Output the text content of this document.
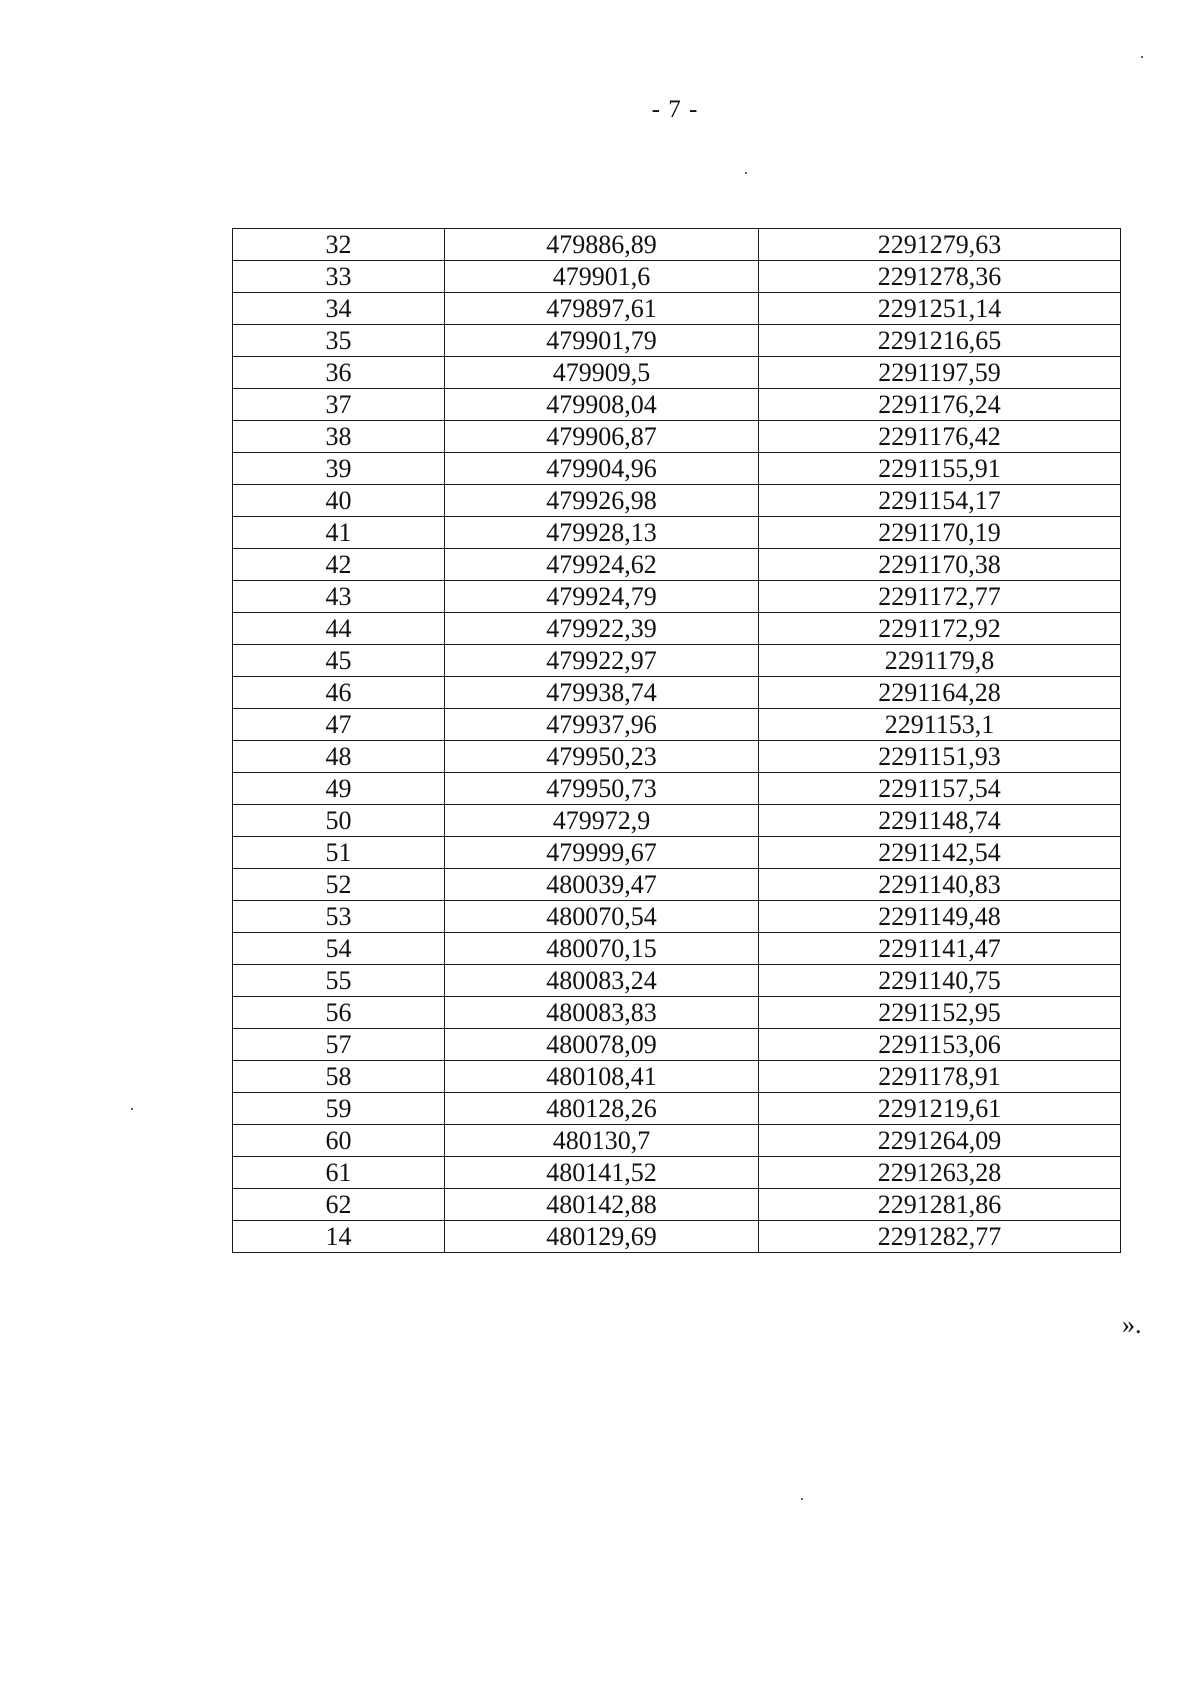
- 7 -
32	479886,89	2291279,63
33	479901,6	2291278,36
34	479897,61	2291251,14
35	479901,79	2291216,65
36	479909,5	2291197,59
37	479908,04	2291176,24
38	479906,87	2291176,42
39	479904,96	2291155,91
40	479926,98	2291154,17
41	479928,13	2291170,19
42	479924,62	2291170,38
43	479924,79	2291172,77
44	479922,39	2291172,92
45	479922,97	2291179,8
46	479938,74	2291164,28
47	479937,96	2291153,1
48	479950,23	2291151,93
49	479950,73	2291157,54
50	479972,9	2291148,74
51	479999,67	2291142,54
52	480039,47	2291140,83
53	480070,54	2291149,48
54	480070,15	2291141,47
55	480083,24	2291140,75
56	480083,83	2291152,95
57	480078,09	2291153,06
58	480108,41	2291178,91
59	480128,26	2291219,61
60	480130,7	2291264,09
61	480141,52	2291263,28
62	480142,88	2291281,86
14	480129,69	2291282,77
».
